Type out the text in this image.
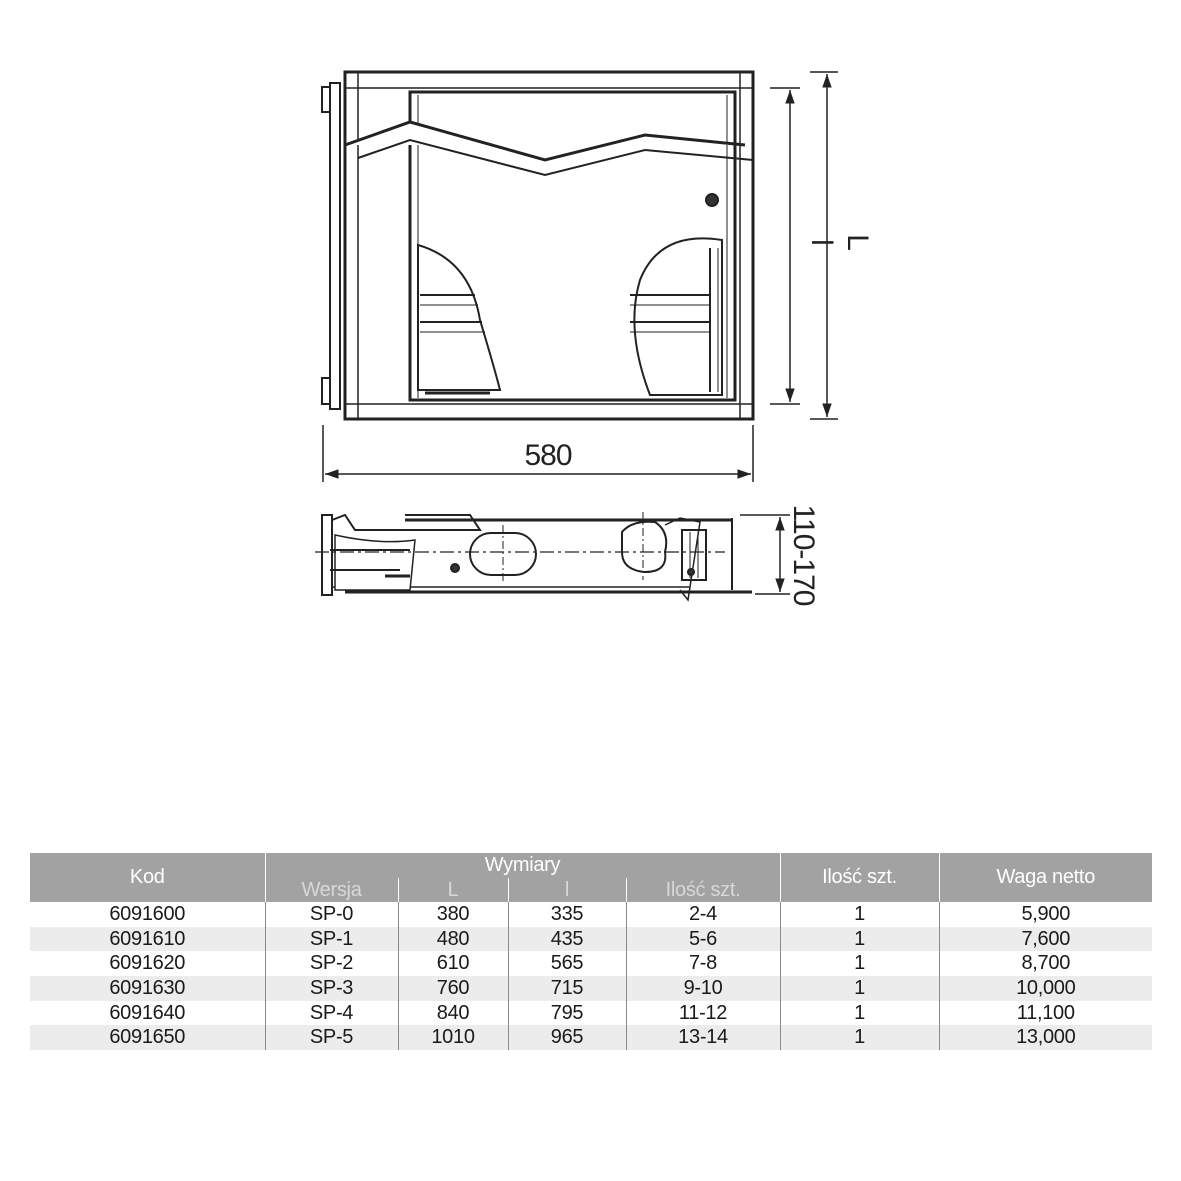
580
l L
110-170
Kod	Wymiary				Ilość szt.	Waga netto
	Wersja	L	l	Ilość szt.		
6091600	SP-0	380	335	2-4	1	5,900
6091610	SP-1	480	435	5-6	1	7,600
6091620	SP-2	610	565	7-8	1	8,700
6091630	SP-3	760	715	9-10	1	10,000
6091640	SP-4	840	795	11-12	1	11,100
6091650	SP-5	1010	965	13-14	1	13,000
